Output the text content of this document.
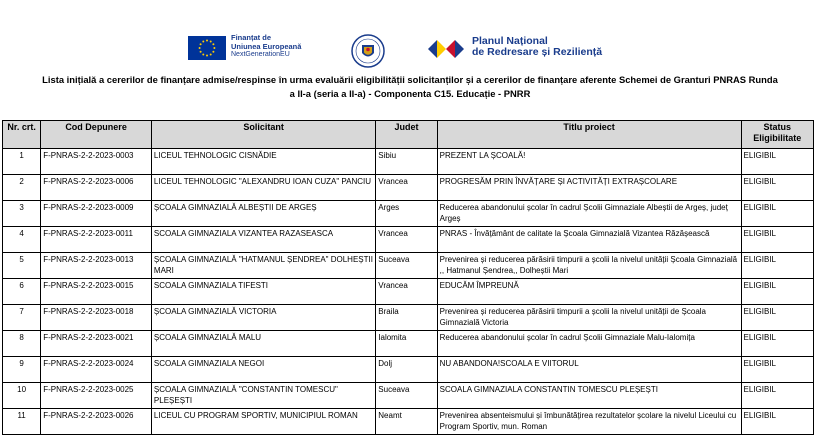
Finanțat de
Uniunea Europeană
NextGenerationEU
Planul Național
de Redresare și Reziliență
Lista inițială a cererilor de finanțare admise/respinse în urma evaluării eligibilității solicitanților și a cererilor de finanțare aferente Schemei de Granturi PNRAS Runda
a II-a (seria a II-a) - Componenta C15. Educație - PNRR
Nr. crt.	Cod Depunere	Solicitant	Judet	Titlu proiect	Status Eligibilitate
1	F-PNRAS-2-2-2023-0003	LICEUL TEHNOLOGIC CISNĂDIE	Sibiu	PREZENT LA ȘCOALĂ!	ELIGIBIL
2	F-PNRAS-2-2-2023-0006	LICEUL TEHNOLOGIC "ALEXANDRU IOAN CUZA" PANCIU	Vrancea	PROGRESĂM PRIN ÎNVĂȚARE ȘI ACTIVITĂȚI EXTRAȘCOLARE	ELIGIBIL
3	F-PNRAS-2-2-2023-0009	ȘCOALA GIMNAZIALĂ ALBEȘTII DE ARGEȘ	Arges	Reducerea abandonului școlar în cadrul Școlii Gimnaziale Albeștii de Argeș, județ Argeș	ELIGIBIL
4	F-PNRAS-2-2-2023-0011	SCOALA GIMNAZIALA VIZANTEA RAZASEASCA	Vrancea	PNRAS - Învățământ de calitate la Școala Gimnazială Vizantea Răzășească	ELIGIBIL
5	F-PNRAS-2-2-2023-0013	ȘCOALA GIMNAZIALĂ "HATMANUL ȘENDREA" DOLHEȘTII MARI	Suceava	Prevenirea și reducerea părăsirii timpurii a școlii la nivelul unității Școala Gimnazială ,, Hatmanul Șendrea,, Dolheștii Mari	ELIGIBIL
6	F-PNRAS-2-2-2023-0015	SCOALA GIMNAZIALA TIFESTI	Vrancea	EDUCĂM ÎMPREUNĂ	ELIGIBIL
7	F-PNRAS-2-2-2023-0018	ȘCOALA GIMNAZIALĂ VICTORIA	Braila	Prevenirea și reducerea părăsirii timpurii a școlii la nivelul unității de Școala Gimnazială Victoria	ELIGIBIL
8	F-PNRAS-2-2-2023-0021	ȘCOALA GIMNAZIALĂ MALU	Ialomita	Reducerea abandonului școlar în cadrul Școlii Gimnaziale Malu-Ialomița	ELIGIBIL
9	F-PNRAS-2-2-2023-0024	SCOALA GIMNAZIALA NEGOI	Dolj	NU ABANDONA!SCOALA E VIITORUL	ELIGIBIL
10	F-PNRAS-2-2-2023-0025	ȘCOALA GIMNAZIALĂ "CONSTANTIN TOMESCU" PLEȘEȘTI	Suceava	SCOALA GIMNAZIALA CONSTANTIN TOMESCU PLEȘEȘTI	ELIGIBIL
11	F-PNRAS-2-2-2023-0026	LICEUL CU PROGRAM SPORTIV, MUNICIPIUL ROMAN	Neamt	Prevenirea absenteismului și îmbunătățirea rezultatelor școlare la nivelul Liceului cu Program Sportiv, mun. Roman	ELIGIBIL
